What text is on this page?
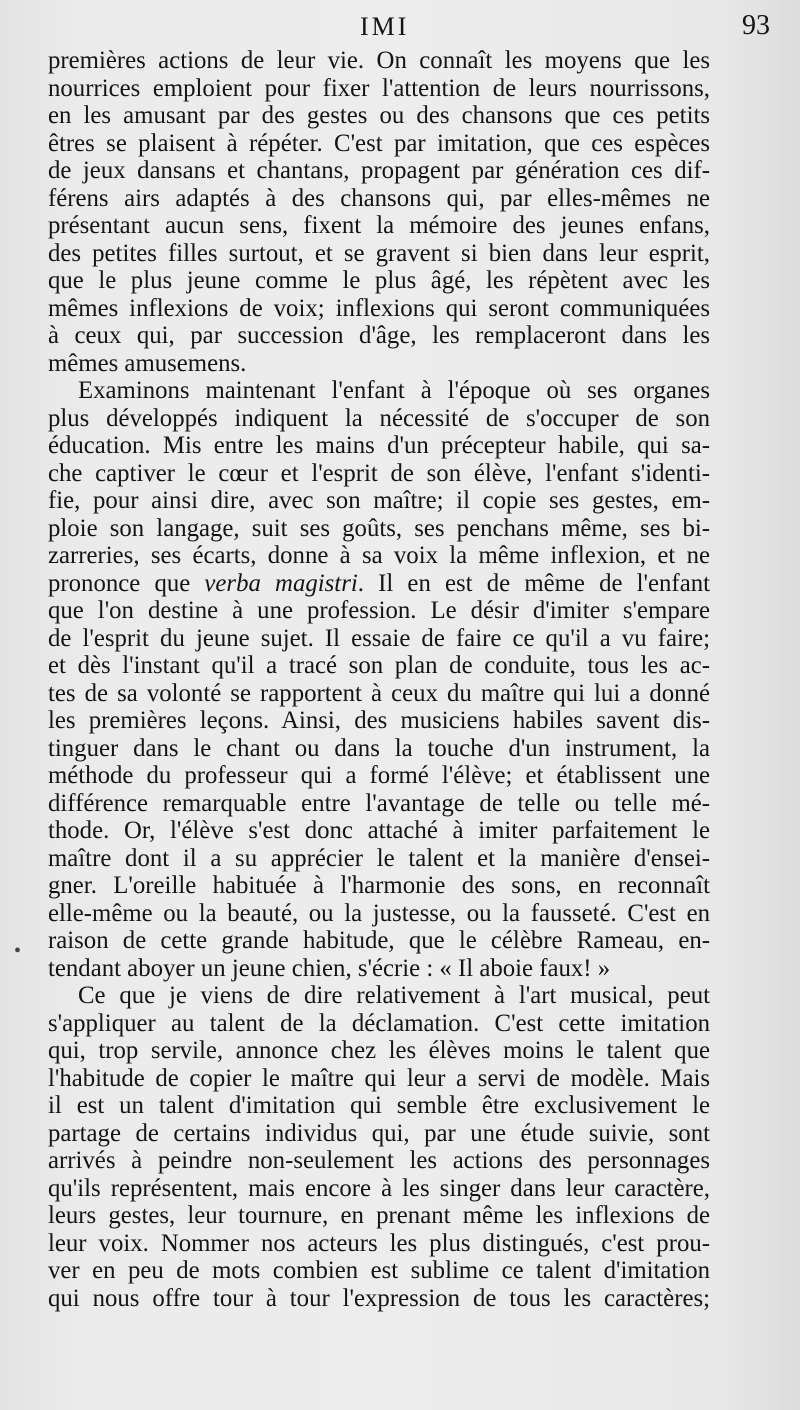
IMI	93
•
premières actions de leur vie. On connaît les moyens que les
nourrices emploient pour fixer l'attention de leurs nourrissons,
en les amusant par des gestes ou des chansons que ces petits
êtres se plaisent à répéter. C'est par imitation, que ces espèces
de jeux dansans et chantans, propagent par génération ces dif-
férens airs adaptés à des chansons qui, par elles-mêmes ne
présentant aucun sens, fixent la mémoire des jeunes enfans,
des petites filles surtout, et se gravent si bien dans leur esprit,
que le plus jeune comme le plus âgé, les répètent avec les
mêmes inflexions de voix; inflexions qui seront communiquées
à ceux qui, par succession d'âge, les remplaceront dans les
mêmes amusemens.
Examinons maintenant l'enfant à l'époque où ses organes
plus développés indiquent la nécessité de s'occuper de son
éducation. Mis entre les mains d'un précepteur habile, qui sa-
che captiver le cœur et l'esprit de son élève, l'enfant s'identi-
fie, pour ainsi dire, avec son maître; il copie ses gestes, em-
ploie son langage, suit ses goûts, ses penchans même, ses bi-
zarreries, ses écarts, donne à sa voix la même inflexion, et ne
prononce que verba magistri. Il en est de même de l'enfant
que l'on destine à une profession. Le désir d'imiter s'empare
de l'esprit du jeune sujet. Il essaie de faire ce qu'il a vu faire;
et dès l'instant qu'il a tracé son plan de conduite, tous les ac-
tes de sa volonté se rapportent à ceux du maître qui lui a donné
les premières leçons. Ainsi, des musiciens habiles savent dis-
tinguer dans le chant ou dans la touche d'un instrument, la
méthode du professeur qui a formé l'élève; et établissent une
différence remarquable entre l'avantage de telle ou telle mé-
thode. Or, l'élève s'est donc attaché à imiter parfaitement le
maître dont il a su apprécier le talent et la manière d'ensei-
gner. L'oreille habituée à l'harmonie des sons, en reconnaît
elle-même ou la beauté, ou la justesse, ou la fausseté. C'est en
raison de cette grande habitude, que le célèbre Rameau, en-
tendant aboyer un jeune chien, s'écrie : « Il aboie faux! »
Ce que je viens de dire relativement à l'art musical, peut
s'appliquer au talent de la déclamation. C'est cette imitation
qui, trop servile, annonce chez les élèves moins le talent que
l'habitude de copier le maître qui leur a servi de modèle. Mais
il est un talent d'imitation qui semble être exclusivement le
partage de certains individus qui, par une étude suivie, sont
arrivés à peindre non-seulement les actions des personnages
qu'ils représentent, mais encore à les singer dans leur caractère,
leurs gestes, leur tournure, en prenant même les inflexions de
leur voix. Nommer nos acteurs les plus distingués, c'est prou-
ver en peu de mots combien est sublime ce talent d'imitation
qui nous offre tour à tour l'expression de tous les caractères;
